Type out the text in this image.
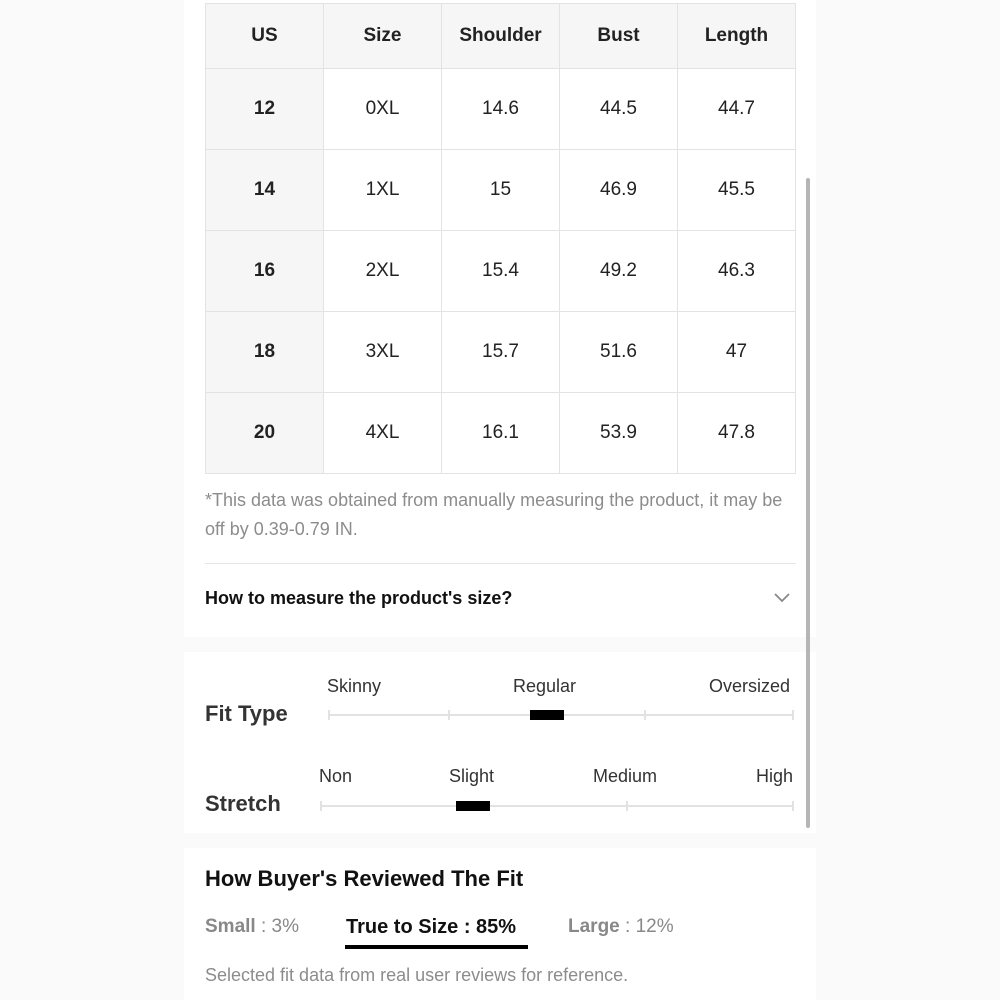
US	Size	Shoulder	Bust	Length
12	0XL	14.6	44.5	44.7
14	1XL	15	46.9	45.5
16	2XL	15.4	49.2	46.3
18	3XL	15.7	51.6	47
20	4XL	16.1	53.9	47.8
*This data was obtained from manually measuring the product, it may be off by 0.39-0.79 IN.
How to measure the product's size?
Fit Type
Skinny	Regular	Oversized
Stretch
Non	Slight	Medium	High
How Buyer's Reviewed The Fit
Small : 3% True to Size : 85%	Large : 12%
Selected fit data from real user reviews for reference.
